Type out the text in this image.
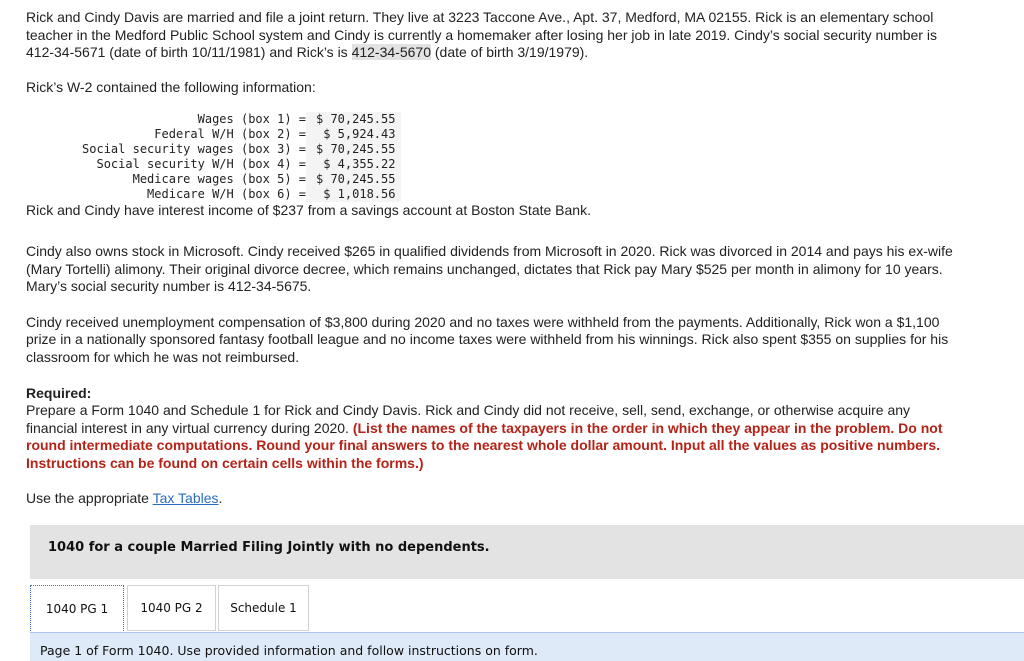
Rick and Cindy Davis are married and file a joint return. They live at 3223 Taccone Ave., Apt. 37, Medford, MA 02155. Rick is an elementary school teacher in the Medford Public School system and Cindy is currently a homemaker after losing her job in late 2019. Cindy’s social security number is 412-34-5671 (date of birth 10/11/1981) and Rick’s is 412-34-5670 (date of birth 3/19/1979).

Rick’s W-2 contained the following information:

Wages (box 1) = $ 70,245.55
Federal W/H (box 2) = $ 5,924.43
Social security wages (box 3) = $ 70,245.55
Social security W/H (box 4) = $ 4,355.22
Medicare wages (box 5) = $ 70,245.55
Medicare W/H (box 6) = $ 1,018.56

Rick and Cindy have interest income of $237 from a savings account at Boston State Bank.

Cindy also owns stock in Microsoft. Cindy received $265 in qualified dividends from Microsoft in 2020. Rick was divorced in 2014 and pays his ex-wife (Mary Tortelli) alimony. Their original divorce decree, which remains unchanged, dictates that Rick pay Mary $525 per month in alimony for 10 years. Mary’s social security number is 412-34-5675.

Cindy received unemployment compensation of $3,800 during 2020 and no taxes were withheld from the payments. Additionally, Rick won a $1,100 prize in a nationally sponsored fantasy football league and no income taxes were withheld from his winnings. Rick also spent $355 on supplies for his classroom for which he was not reimbursed.

Required:

Prepare a Form 1040 and Schedule 1 for Rick and Cindy Davis. Rick and Cindy did not receive, sell, send, exchange, or otherwise acquire any financial interest in any virtual currency during 2020. (List the names of the taxpayers in the order in which they appear in the problem. Do not round intermediate computations. Round your final answers to the nearest whole dollar amount. Input all the values as positive numbers. Instructions can be found on certain cells within the forms.)

Use the appropriate Tax Tables.

1040 for a couple Married Filing Jointly with no dependents.
1040 PG 1	1040 PG 2	Schedule 1
Page 1 of Form 1040. Use provided information and follow instructions on form.
